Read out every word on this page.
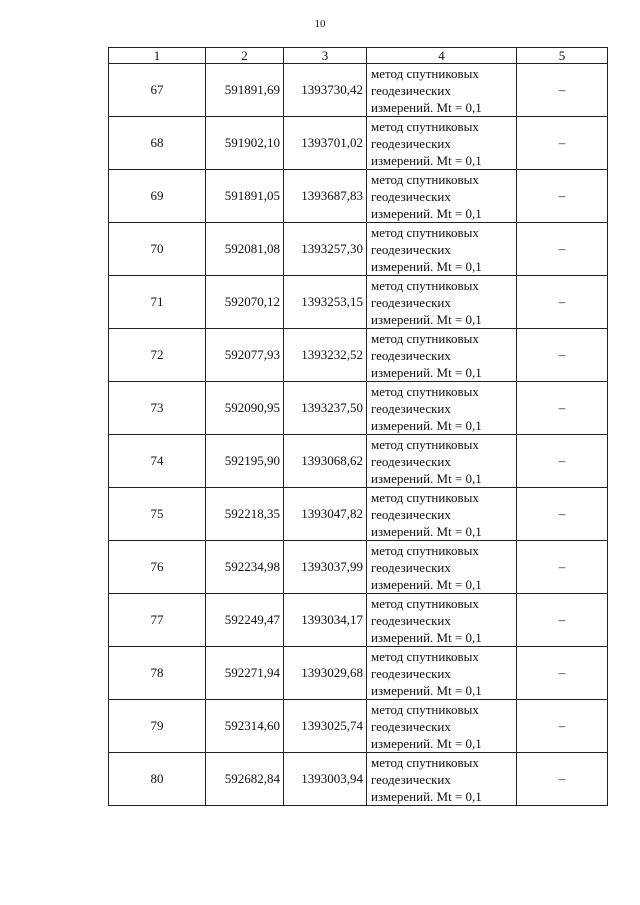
10
1	2	3	4	5
67	591891,69	1393730,42	метод спутниковых
геодезических
измерений. Mt = 0,1	–
68	591902,10	1393701,02	метод спутниковых
геодезических
измерений. Mt = 0,1	–
69	591891,05	1393687,83	метод спутниковых
геодезических
измерений. Mt = 0,1	–
70	592081,08	1393257,30	метод спутниковых
геодезических
измерений. Mt = 0,1	–
71	592070,12	1393253,15	метод спутниковых
геодезических
измерений. Mt = 0,1	–
72	592077,93	1393232,52	метод спутниковых
геодезических
измерений. Mt = 0,1	–
73	592090,95	1393237,50	метод спутниковых
геодезических
измерений. Mt = 0,1	–
74	592195,90	1393068,62	метод спутниковых
геодезических
измерений. Mt = 0,1	–
75	592218,35	1393047,82	метод спутниковых
геодезических
измерений. Mt = 0,1	–
76	592234,98	1393037,99	метод спутниковых
геодезических
измерений. Mt = 0,1	–
77	592249,47	1393034,17	метод спутниковых
геодезических
измерений. Mt = 0,1	–
78	592271,94	1393029,68	метод спутниковых
геодезических
измерений. Mt = 0,1	–
79	592314,60	1393025,74	метод спутниковых
геодезических
измерений. Mt = 0,1	–
80	592682,84	1393003,94	метод спутниковых
геодезических
измерений. Mt = 0,1	–
